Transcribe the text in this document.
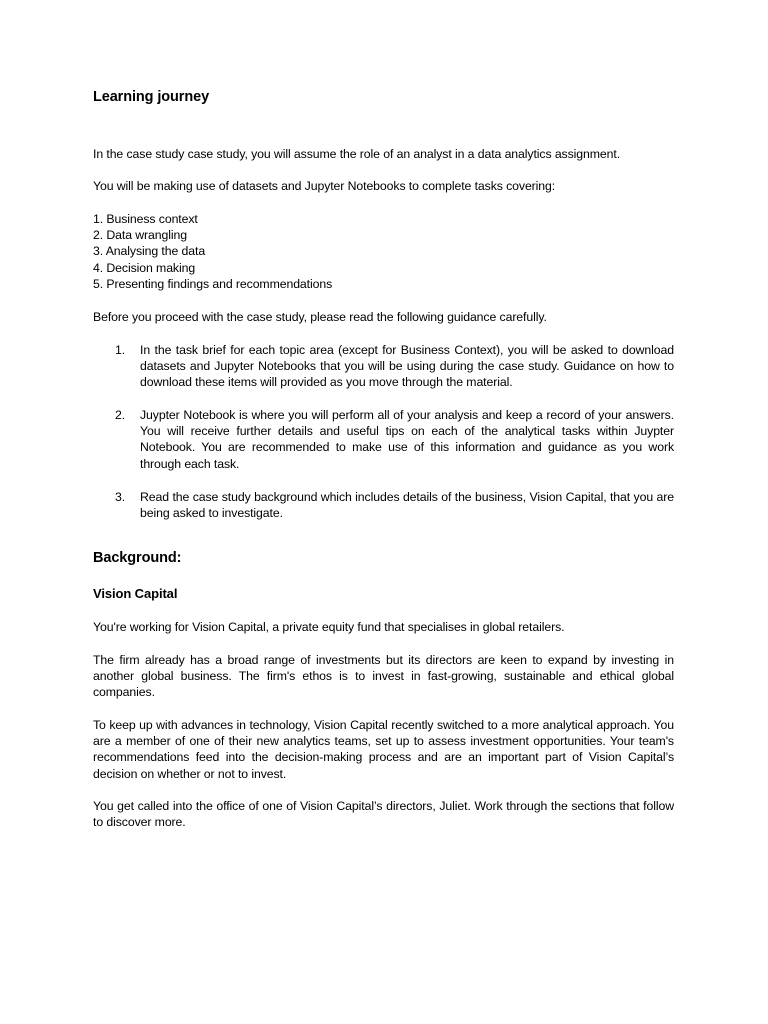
Learning journey

In the case study case study, you will assume the role of an analyst in a data analytics assignment.

You will be making use of datasets and Jupyter Notebooks to complete tasks covering:

1. Business context
2. Data wrangling
3. Analysing the data
4. Decision making
5. Presenting findings and recommendations

Before you proceed with the case study, please read the following guidance carefully.

1. In the task brief for each topic area (except for Business Context), you will be asked to download datasets and Jupyter Notebooks that you will be using during the case study. Guidance on how to download these items will provided as you move through the material.
2. Juypter Notebook is where you will perform all of your analysis and keep a record of your answers. You will receive further details and useful tips on each of the analytical tasks within Juypter Notebook. You are recommended to make use of this information and guidance as you work through each task.
3. Read the case study background which includes details of the business, Vision Capital, that you are being asked to investigate.
Background:
Vision Capital

You're working for Vision Capital, a private equity fund that specialises in global retailers.

The firm already has a broad range of investments but its directors are keen to expand by investing in another global business. The firm's ethos is to invest in fast-growing, sustainable and ethical global companies.

To keep up with advances in technology, Vision Capital recently switched to a more analytical approach. You are a member of one of their new analytics teams, set up to assess investment opportunities. Your team's recommendations feed into the decision-making process and are an important part of Vision Capital’s decision on whether or not to invest.

You get called into the office of one of Vision Capital’s directors, Juliet. Work through the sections that follow to discover more.
